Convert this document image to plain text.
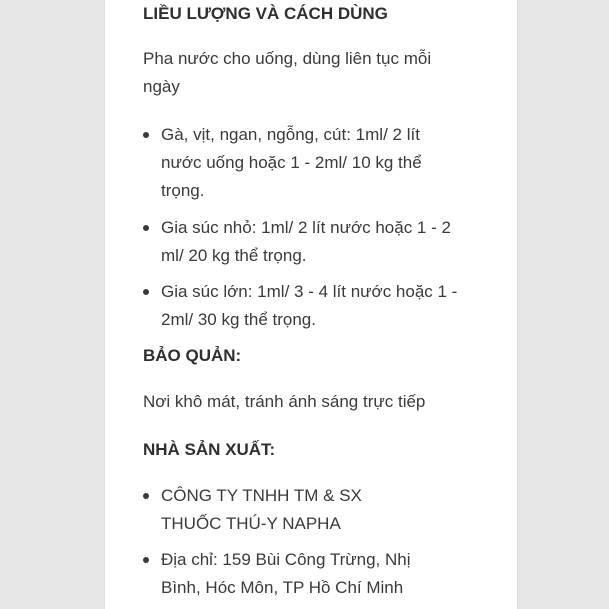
LIỀU LƯỢNG VÀ CÁCH DÙNG

Pha nước cho uống, dùng liên tục mỗi ngày

Gà, vịt, ngan, ngỗng, cút: 1ml/ 2 lít nước uống hoặc 1 - 2ml/ 10 kg thể trọng.
Gia súc nhỏ: 1ml/ 2 lít nước hoặc 1 - 2 ml/ 20 kg thể trọng.
Gia súc lớn: 1ml/ 3 - 4 lít nước hoặc 1 - 2ml/ 30 kg thể trọng.
BẢO QUẢN:

Nơi khô mát, tránh ánh sáng trực tiếp

NHÀ SẢN XUẤT:
CÔNG TY TNHH TM & SX THUỐC THÚ-Y NAPHA
Địa chỉ: 159 Bùi Công Trừng, Nhị Bình, Hóc Môn, TP Hồ Chí Minh
